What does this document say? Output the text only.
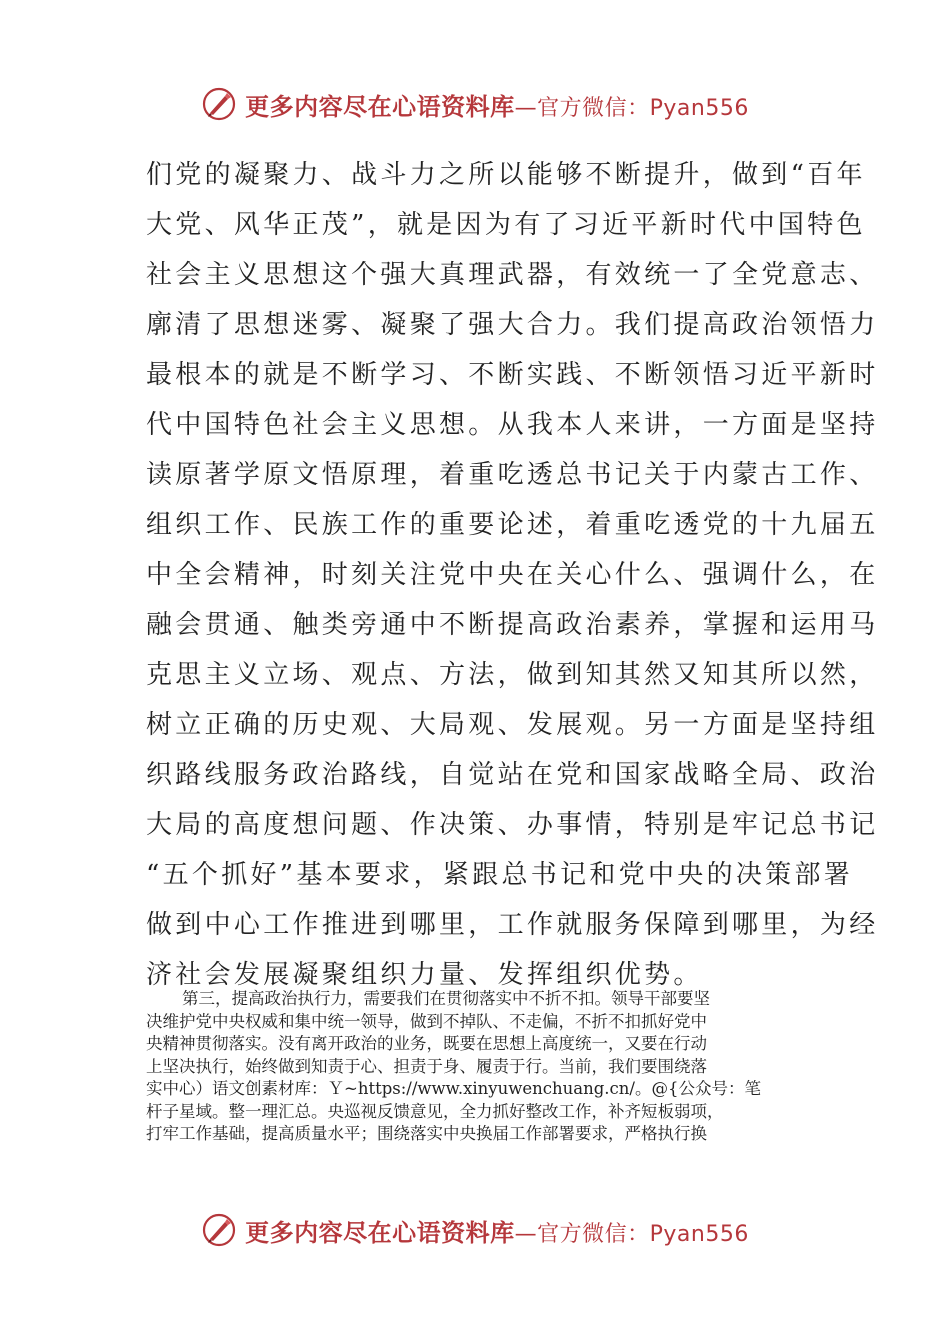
更多内容尽在心语资料库—官方微信：Pyan556
们党的凝聚力、战斗力之所以能够不断提升，做到“百年
大党、风华正茂”，就是因为有了习近平新时代中国特色
社会主义思想这个强大真理武器，有效统一了全党意志、
廓清了思想迷雾、凝聚了强大合力。我们提高政治领悟力
最根本的就是不断学习、不断实践、不断领悟习近平新时
代中国特色社会主义思想。从我本人来讲，一方面是坚持
读原著学原文悟原理，着重吃透总书记关于内蒙古工作、
组织工作、民族工作的重要论述，着重吃透党的十九届五
中全会精神，时刻关注党中央在关心什么、强调什么，在
融会贯通、触类旁通中不断提高政治素养，掌握和运用马
克思主义立场、观点、方法，做到知其然又知其所以然，
树立正确的历史观、大局观、发展观。另一方面是坚持组
织路线服务政治路线，自觉站在党和国家战略全局、政治
大局的高度想问题、作决策、办事情，特别是牢记总书记
“五个抓好”基本要求，紧跟总书记和党中央的决策部署
做到中心工作推进到哪里，工作就服务保障到哪里，为经
济社会发展凝聚组织力量、发挥组织优势。
第三，提高政治执行力，需要我们在贯彻落实中不折不扣。领导干部要坚
决维护党中央权威和集中统一领导，做到不掉队、不走偏，不折不扣抓好党中
央精神贯彻落实。没有离开政治的业务，既要在思想上高度统一，又要在行动
上坚决执行，始终做到知责于心、担责于身、履责于行。当前，我们要围绕落
实中心）语文创素材库：Ｙ~https://www.xinyuwenchuang.cn/。@{公众号：笔
杆子星域。整一理汇总。央巡视反馈意见，全力抓好整改工作，补齐短板弱项，
打牢工作基础，提高质量水平；围绕落实中央换届工作部署要求，严格执行换
更多内容尽在心语资料库—官方微信：Pyan556
